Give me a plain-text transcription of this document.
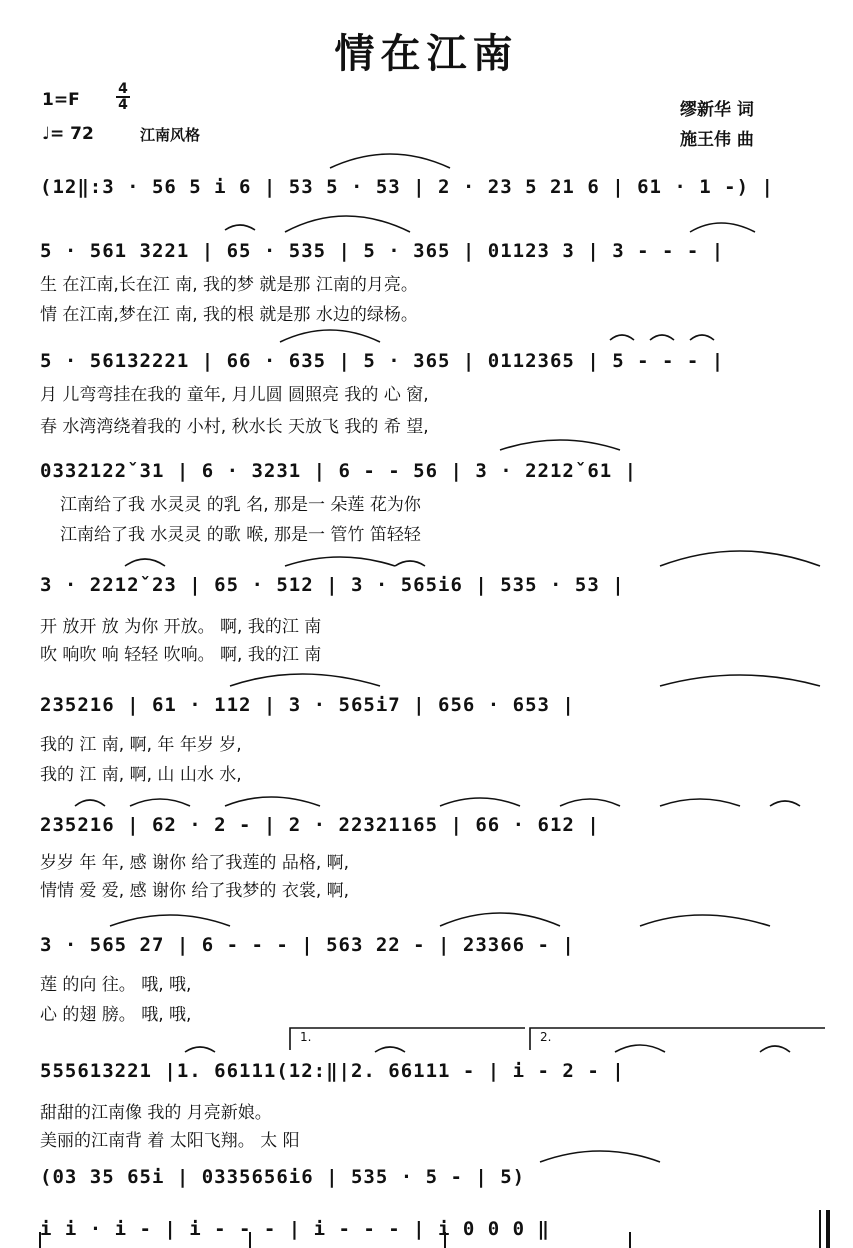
情在江南
1=F
4
4
♩= 72	江南风格
缪新华 词
施王伟 曲
(12‖:3 · 56 5 i 6 | 53 5 · 53 | 2 · 23 5 21 6 | 61 · 1 -) |
5 · 561 3221 | 65 · 535 | 5 · 365 | 01123 3 | 3 - - - |
生 在江南,长在江 南, 我的梦 就是那 江南的月亮。
情 在江南,梦在江 南, 我的根 就是那 水边的绿杨。
5 · 56132221 | 66 · 635 | 5 · 365 | 0112365 | 5 - - - |
月 儿弯弯挂在我的 童年, 月儿圆 圆照亮 我的 心 窗,
春 水湾湾绕着我的 小村, 秋水长 天放飞 我的 希 望,
0332122ˇ31 | 6 · 3231 | 6 - - 56 | 3 · 2212ˇ61 |
江南给了我 水灵灵 的乳 名, 那是一 朵莲 花为你
江南给了我 水灵灵 的歌 喉, 那是一 管竹 笛轻轻
3 · 2212ˇ23 | 65 · 512 | 3 · 565i6 | 535 · 53 |
开 放开 放 为你 开放。 啊, 我的江 南
吹 响吹 响 轻轻 吹响。 啊, 我的江 南
235216 | 61 · 112 | 3 · 565i7 | 656 · 653 |
我的 江 南, 啊, 年 年岁 岁,
我的 江 南, 啊, 山 山水 水,
235216 | 62 · 2 - | 2 · 22321165 | 66 · 612 |
岁岁 年 年, 感 谢你 给了我莲的 品格, 啊,
情情 爱 爱, 感 谢你 给了我梦的 衣裳, 啊,
3 · 565 27 | 6 - - - | 563 22 - | 23366 - |
莲 的向 往。 哦, 哦,
心 的翅 膀。 哦, 哦,
1.	2.
555613221 |1. 66111(12:‖|2. 66111 - | i - 2 - |
甜甜的江南像 我的 月亮新娘。
美丽的江南背 着 太阳飞翔。 太 阳
(03 35 65i | 0335656i6 | 535 · 5 - | 5)
i i · i - | i - - - | i - - - | i 0 0 0 ‖
